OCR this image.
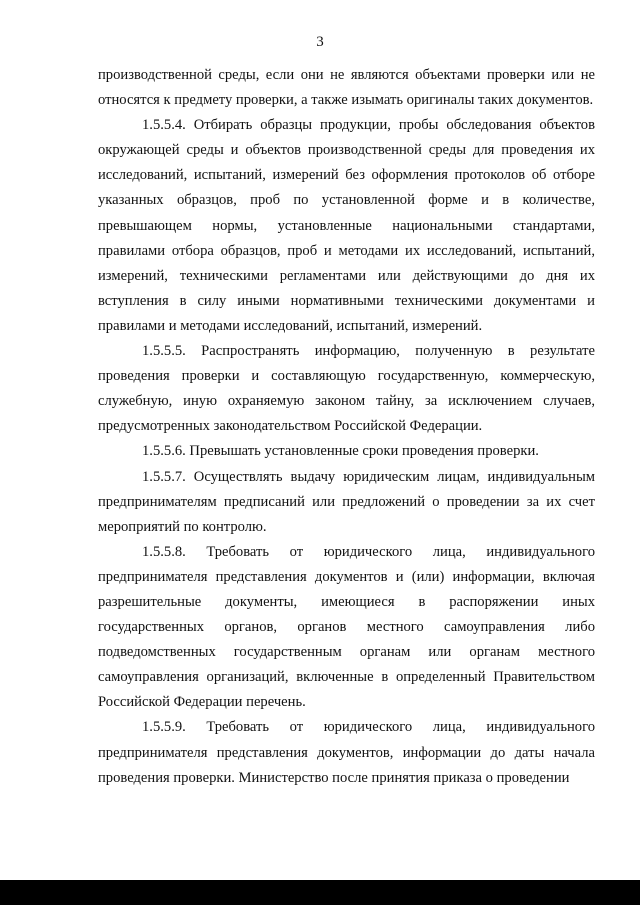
3

производственной среды, если они не являются объектами проверки или не относятся к предмету проверки, а также изымать оригиналы таких документов.

1.5.5.4. Отбирать образцы продукции, пробы обследования объектов окружающей среды и объектов производственной среды для проведения их исследований, испытаний, измерений без оформления протоколов об отборе указанных образцов, проб по установленной форме и в количестве, превышающем нормы, установленные национальными стандартами, правилами отбора образцов, проб и методами их исследований, испытаний, измерений, техническими регламентами или действующими до дня их вступления в силу иными нормативными техническими документами и правилами и методами исследований, испытаний, измерений.

1.5.5.5. Распространять информацию, полученную в результате проведения проверки и составляющую государственную, коммерческую, служебную, иную охраняемую законом тайну, за исключением случаев, предусмотренных законодательством Российской Федерации.

1.5.5.6. Превышать установленные сроки проведения проверки.

1.5.5.7. Осуществлять выдачу юридическим лицам, индивидуальным предпринимателям предписаний или предложений о проведении за их счет мероприятий по контролю.

1.5.5.8. Требовать от юридического лица, индивидуального предпринимателя представления документов и (или) информации, включая разрешительные документы, имеющиеся в распоряжении иных государственных органов, органов местного самоуправления либо подведомственных государственным органам или органам местного самоуправления организаций, включенные в определенный Правительством Российской Федерации перечень.

1.5.5.9. Требовать от юридического лица, индивидуального предпринимателя представления документов, информации до даты начала проведения проверки. Министерство после принятия приказа о проведении
